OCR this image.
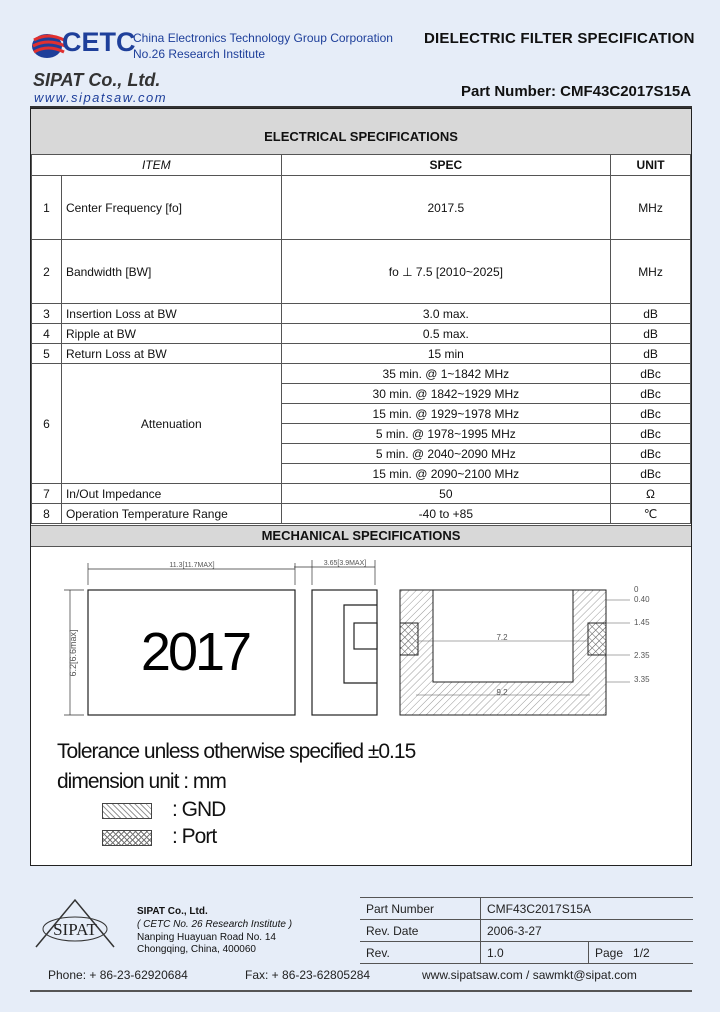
CETC
China Electronics Technology Group Corporation
No.26 Research Institute
DIELECTRIC FILTER SPECIFICATION
SIPAT Co., Ltd.
www.sipatsaw.com	Part Number: CMF43C2017S15A
ELECTRICAL SPECIFICATIONS
ITEM		SPEC	UNIT
1	Center Frequency [fo]	2017.5	MHz
2	Bandwidth [BW]	fo ⊥ 7.5 [2010~2025]	MHz
3	Insertion Loss at BW	3.0 max.	dB
4	Ripple at BW	0.5 max.	dB
5	Return Loss at BW	15 min	dB
6	Attenuation	35 min. @ 1~1842 MHz	dBc
		30 min. @ 1842~1929 MHz	dBc
		15 min. @ 1929~1978 MHz	dBc
		5 min. @ 1978~1995 MHz	dBc
		5 min. @ 2040~2090 MHz	dBc
		15 min. @ 2090~2100 MHz	dBc
7	In/Out Impedance	50	Ω
8	Operation Temperature Range	-40 to +85	℃
MECHANICAL SPECIFICATIONS
2017
11.3[11.7MAX]
6.2[6.6max]
3.65[3.9MAX]
7.2
9.2
0
0.40
1.45
2.35
3.35
Tolerance unless otherwise specified ±0.15
dimension unit : mm
: GND
: Port
SIPAT
SIPAT Co., Ltd.
( CETC No. 26 Research Institute )
Nanping Huayuan Road No. 14
Chongqing, China, 400060
Part Number	CMF43C2017S15A	
Rev. Date	2006-3-27	
Rev.	1.0	Page 1/2
Phone: + 86-23-62920684	Fax: + 86-23-62805284	www.sipatsaw.com / sawmkt@sipat.com
